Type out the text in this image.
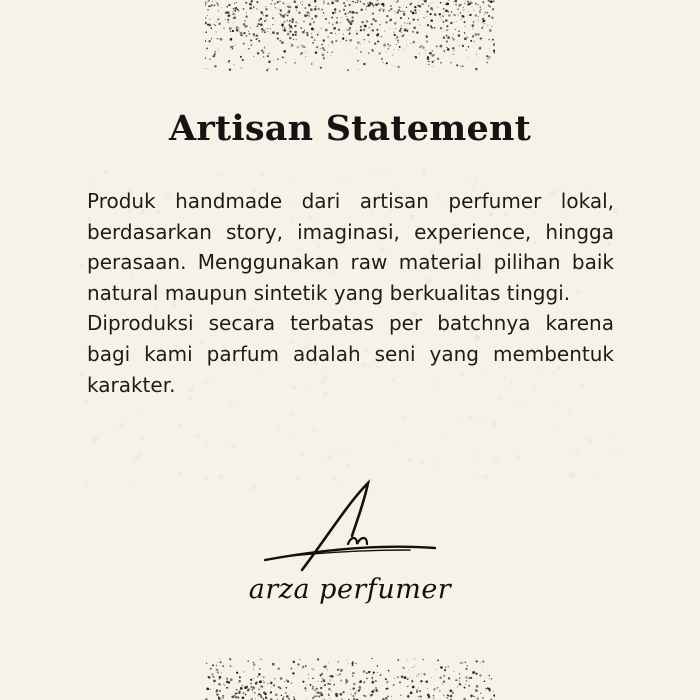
Artisan Statement

Produk handmade dari artisan perfumer lokal, berdasarkan story, imaginasi, experience, hingga perasaan. Menggunakan raw material pilihan baik natural maupun sintetik yang berkualitas tinggi.

Diproduksi secara terbatas per batchnya karena bagi kami parfum adalah seni yang membentuk karakter.

arza perfumer
